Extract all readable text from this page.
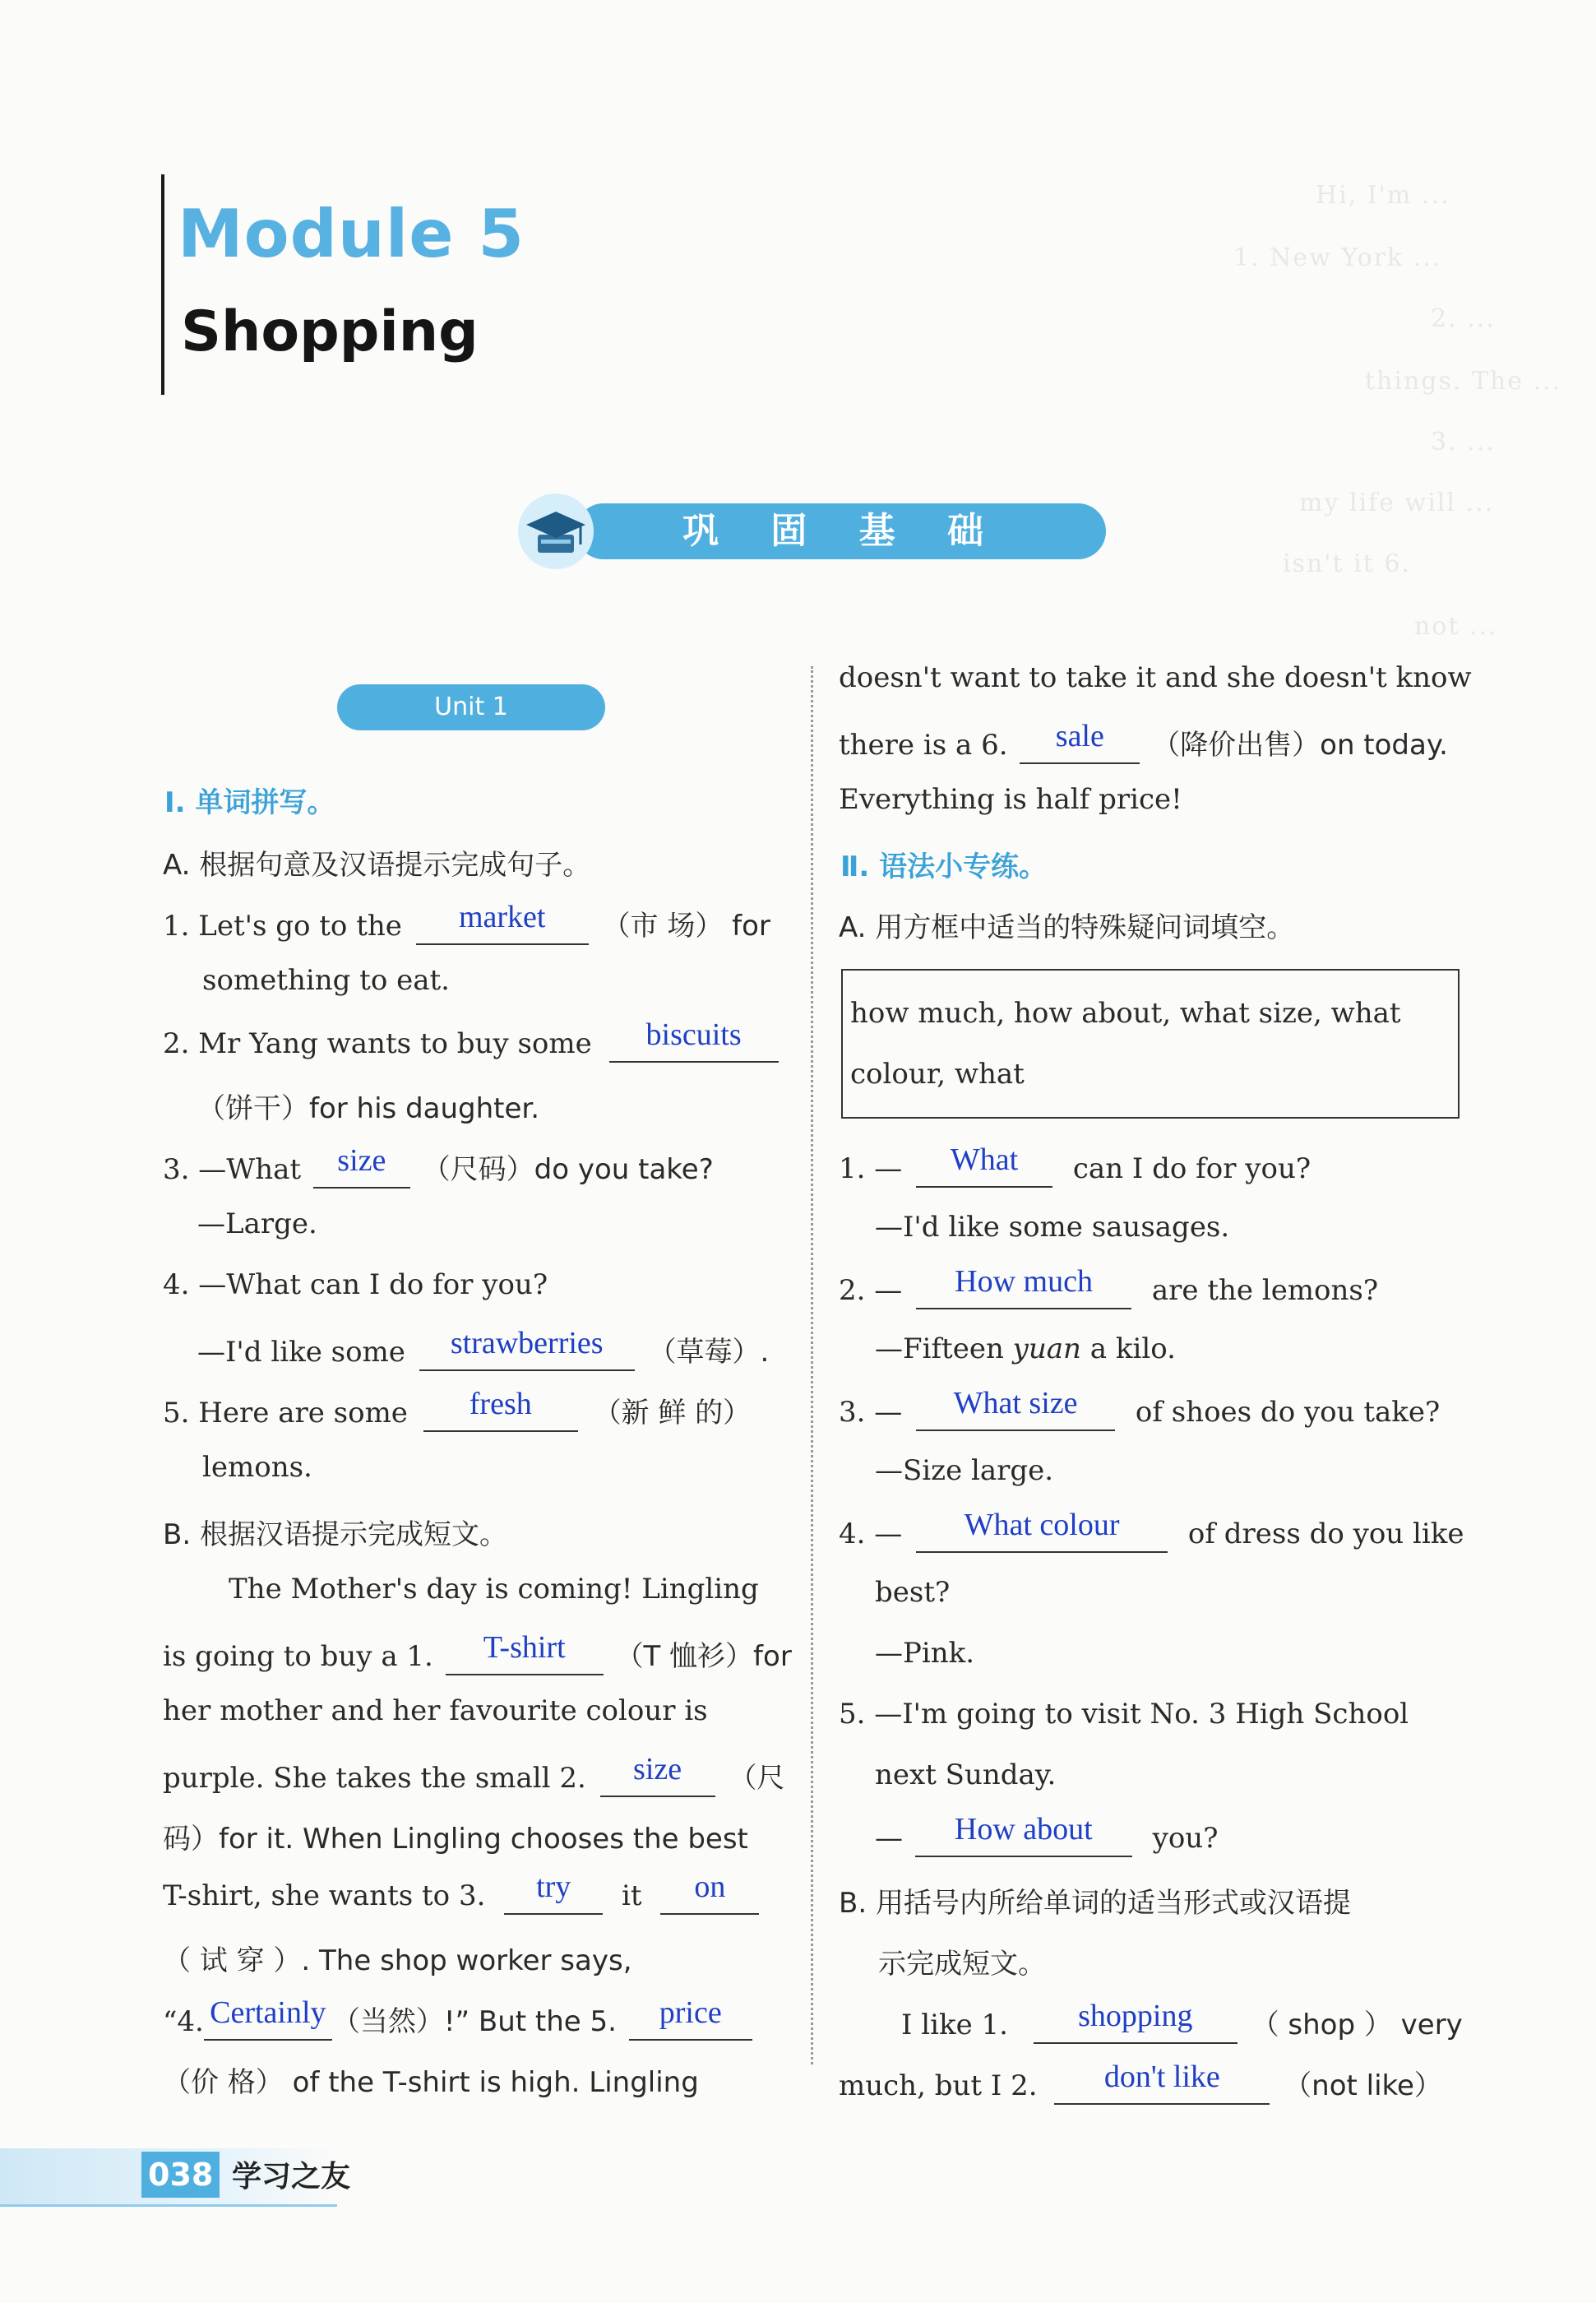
Hi, I'm ...
1. New York ...
2. ...
things. The ...
3. ...
my life will ...
isn't it 6.
not ...
Module 5
Shopping
巩 固 基 础
Unit 1
Ⅰ. 单词拼写。
A. 根据句意及汉语提示完成句子。
1. Let's go to the market （市 场） for
something to eat.
2. Mr Yang wants to buy some biscuits
（饼干）for his daughter.
3. —What size （尺码）do you take?
—Large.
4. —What can I do for you?
—I'd like some strawberries （草莓）.
5. Here are some fresh （新 鲜 的）
lemons.
B. 根据汉语提示完成短文。
The Mother's day is coming! Lingling
is going to buy a 1. T-shirt （T 恤衫）for
her mother and her favourite colour is
purple. She takes the small 2. size （尺
码）for it. When Lingling chooses the best
T-shirt, she wants to 3. try it on
（ 试 穿 ）. The shop worker says,
“4. Certainly （当然）!” But the 5. price
（价 格） of the T-shirt is high. Lingling
doesn't want to take it and she doesn't know
there is a 6. sale （降价出售）on today.
Everything is half price!
Ⅱ. 语法小专练。
A. 用方框中适当的特殊疑问词填空。
how much, how about, what size, what
colour, what
1. — What can I do for you?
—I'd like some sausages.
2. — How much are the lemons?
—Fifteen yuan a kilo.
3. — What size of shoes do you take?
—Size large.
4. — What colour of dress do you like
best?
—Pink.
5. —I'm going to visit No. 3 High School
next Sunday.
— How about you?
B. 用括号内所给单词的适当形式或汉语提
示完成短文。
I like 1. shopping （ shop ） very
much, but I 2. don't like （not like）
038 学习之友
